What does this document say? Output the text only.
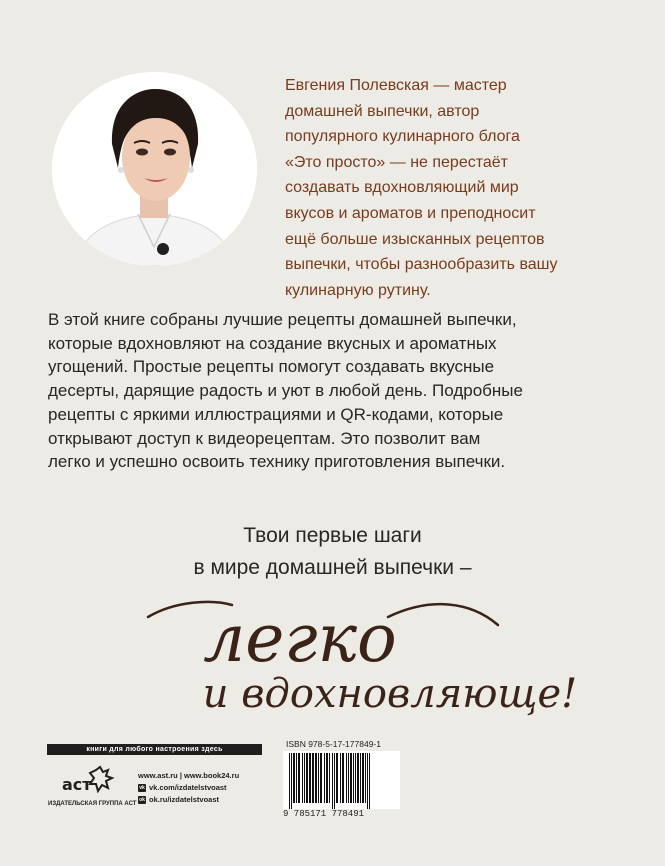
Евгения Полевская — мастер
домашней выпечки, автор
популярного кулинарного блога
«Это просто» — не перестаёт
создавать вдохновляющий мир
вкусов и ароматов и преподносит
ещё больше изысканных рецептов
выпечки, чтобы разнообразить вашу
кулинарную рутину.
В этой книге собраны лучшие рецепты домашней выпечки,
которые вдохновляют на создание вкусных и ароматных
угощений. Простые рецепты помогут создавать вкусные
десерты, дарящие радость и уют в любой день. Подробные
рецепты с яркими иллюстрациями и QR-кодами, которые
открывают доступ к видеорецептам. Это позволит вам
легко и успешно освоить технику приготовления выпечки.
Твои первые шаги
в мире домашней выпечки –
легко
и вдохновляюще!
книги для любого настроения здесь
аст
ИЗДАТЕЛЬСКАЯ ГРУППА АСТ
www.ast.ru | www.book24.ru
vk vk.com/izdatelstvoast
ok ok.ru/izdatelstvoast
ISBN 978-5-17-177849-1
9 785171 778491
